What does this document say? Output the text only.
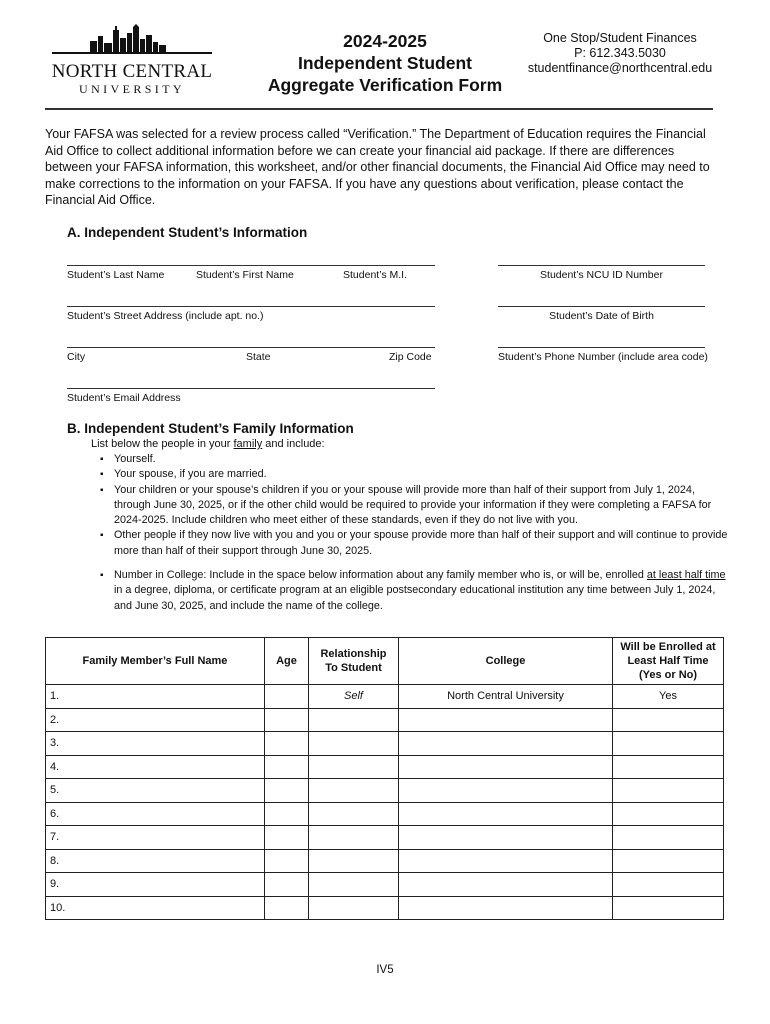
NORTH CENTRAL
UNIVERSITY
2024-2025
Independent Student
Aggregate Verification Form
One Stop/Student Finances
P: 612.343.5030
studentfinance@northcentral.edu
Your FAFSA was selected for a review process called “Verification.” The Department of Education requires the Financial Aid Office to collect additional information before we can create your financial aid package. If there are differences between your FAFSA information, this worksheet, and/or other financial documents, the Financial Aid Office may need to make corrections to the information on your FAFSA. If you have any questions about verification, please contact the Financial Aid Office.
A. Independent Student’s Information
Student’s Last Name	Student’s First Name	Student’s M.I.	Student’s NCU ID Number
Student’s Street Address (include apt. no.)	Student’s Date of Birth
City	State	Zip Code	Student’s Phone Number (include area code)
Student’s Email Address
B. Independent Student’s Family Information
List below the people in your family and include:
▪ Yourself.
▪ Your spouse, if you are married.
▪ Your children or your spouse’s children if you or your spouse will provide more than half of their support from July 1, 2024, through June 30, 2025, or if the other child would be required to provide your information if they were completing a FAFSA for 2024-2025. Include children who meet either of these standards, even if they do not live with you.
▪ Other people if they now live with you and you or your spouse provide more than half of their support and will continue to provide more than half of their support through June 30, 2025.
▪ Number in College: Include in the space below information about any family member who is, or will be, enrolled at least half time in a degree, diploma, or certificate program at an eligible postsecondary educational institution any time between July 1, 2024, and June 30, 2025, and include the name of the college.
Family Member’s Full Name	Age	Relationship To Student	College	Will be Enrolled at Least Half Time (Yes or No)
1.		Self	North Central University	Yes
2.				
3.				
4.				
5.				
6.				
7.				
8.				
9.				
10.				
IV5
